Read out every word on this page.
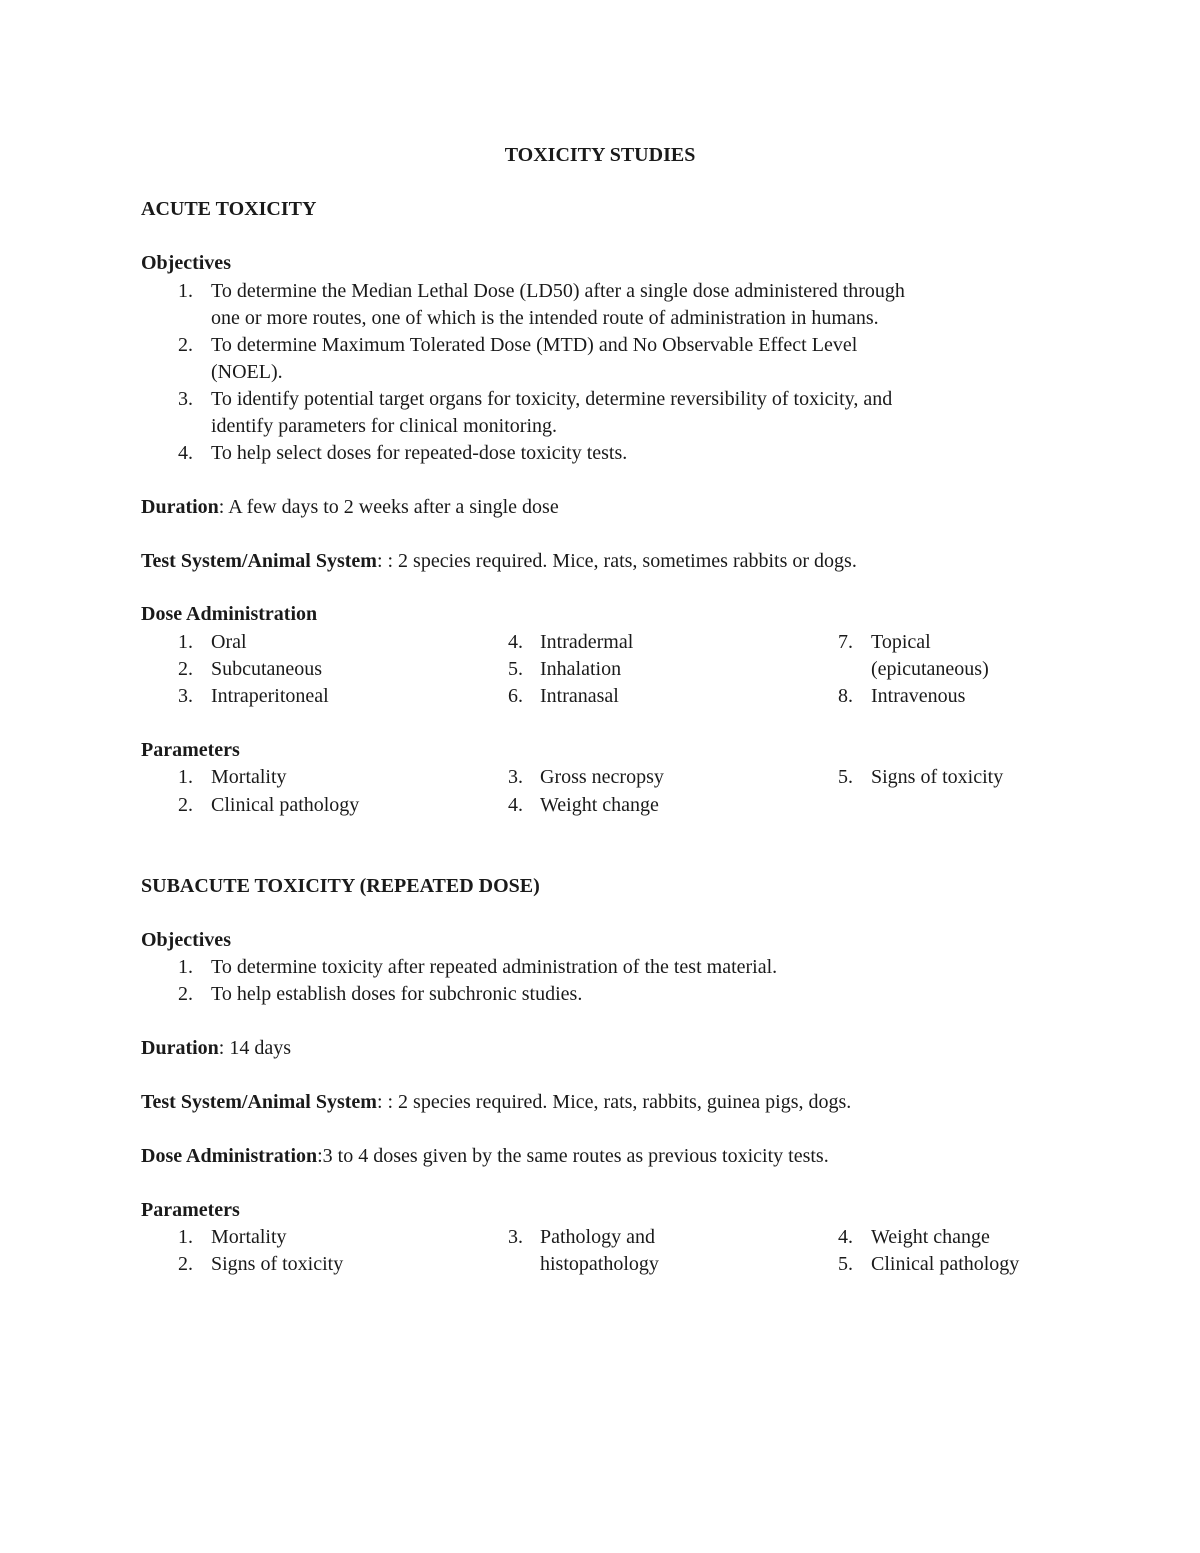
TOXICITY STUDIES
ACUTE TOXICITY
Objectives
1. To determine the Median Lethal Dose (LD50) after a single dose administered through
one or more routes, one of which is the intended route of administration in humans.
2. To determine Maximum Tolerated Dose (MTD) and No Observable Effect Level
(NOEL).
3. To identify potential target organs for toxicity, determine reversibility of toxicity, and
identify parameters for clinical monitoring.
4. To help select doses for repeated-dose toxicity tests.
Duration: A few days to 2 weeks after a single dose
Test System/Animal System: : 2 species required. Mice, rats, sometimes rabbits or dogs.
Dose Administration
1. Oral
2. Subcutaneous
3. Intraperitoneal
4. Intradermal
5. Inhalation
6. Intranasal
7. Topical
(epicutaneous)
8. Intravenous
Parameters
1. Mortality
2. Clinical pathology
3. Gross necropsy
4. Weight change
5. Signs of toxicity
SUBACUTE TOXICITY (REPEATED DOSE)
Objectives
1. To determine toxicity after repeated administration of the test material.
2. To help establish doses for subchronic studies.
Duration: 14 days
Test System/Animal System: : 2 species required. Mice, rats, rabbits, guinea pigs, dogs.
Dose Administration:3 to 4 doses given by the same routes as previous toxicity tests.
Parameters
1. Mortality
2. Signs of toxicity
3. Pathology and
histopathology
4. Weight change
5. Clinical pathology
